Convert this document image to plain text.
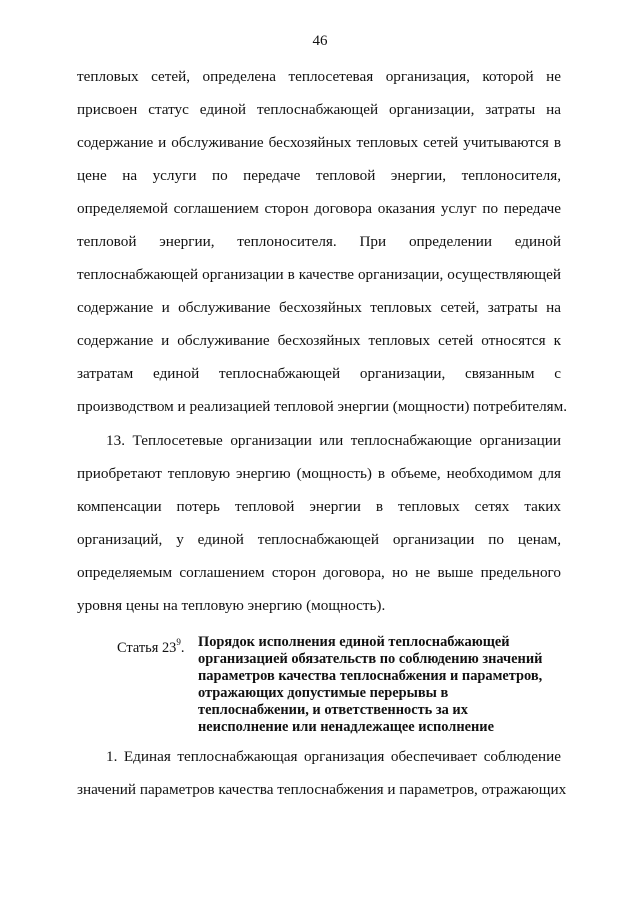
46
тепловых сетей, определена теплосетевая организация, которой не
присвоен статус единой теплоснабжающей организации, затраты на
содержание и обслуживание бесхозяйных тепловых сетей учитываются в
цене на услуги по передаче тепловой энергии, теплоносителя,
определяемой соглашением сторон договора оказания услуг по передаче
тепловой энергии, теплоносителя. При определении единой
теплоснабжающей организации в качестве организации, осуществляющей
содержание и обслуживание бесхозяйных тепловых сетей, затраты на
содержание и обслуживание бесхозяйных тепловых сетей относятся к
затратам единой теплоснабжающей организации, связанным с
производством и реализацией тепловой энергии (мощности) потребителям.
13. Теплосетевые организации или теплоснабжающие организации
приобретают тепловую энергию (мощность) в объеме, необходимом для
компенсации потерь тепловой энергии в тепловых сетях таких
организаций, у единой теплоснабжающей организации по ценам,
определяемым соглашением сторон договора, но не выше предельного
уровня цены на тепловую энергию (мощность).
Статья $23^9$. Порядок исполнения единой теплоснабжающей
организацией обязательств по соблюдению значений
параметров качества теплоснабжения и параметров,
отражающих допустимые перерывы в
теплоснабжении, и ответственность за их
неисполнение или ненадлежащее исполнение
1. Единая теплоснабжающая организация обеспечивает соблюдение
значений параметров качества теплоснабжения и параметров, отражающих
